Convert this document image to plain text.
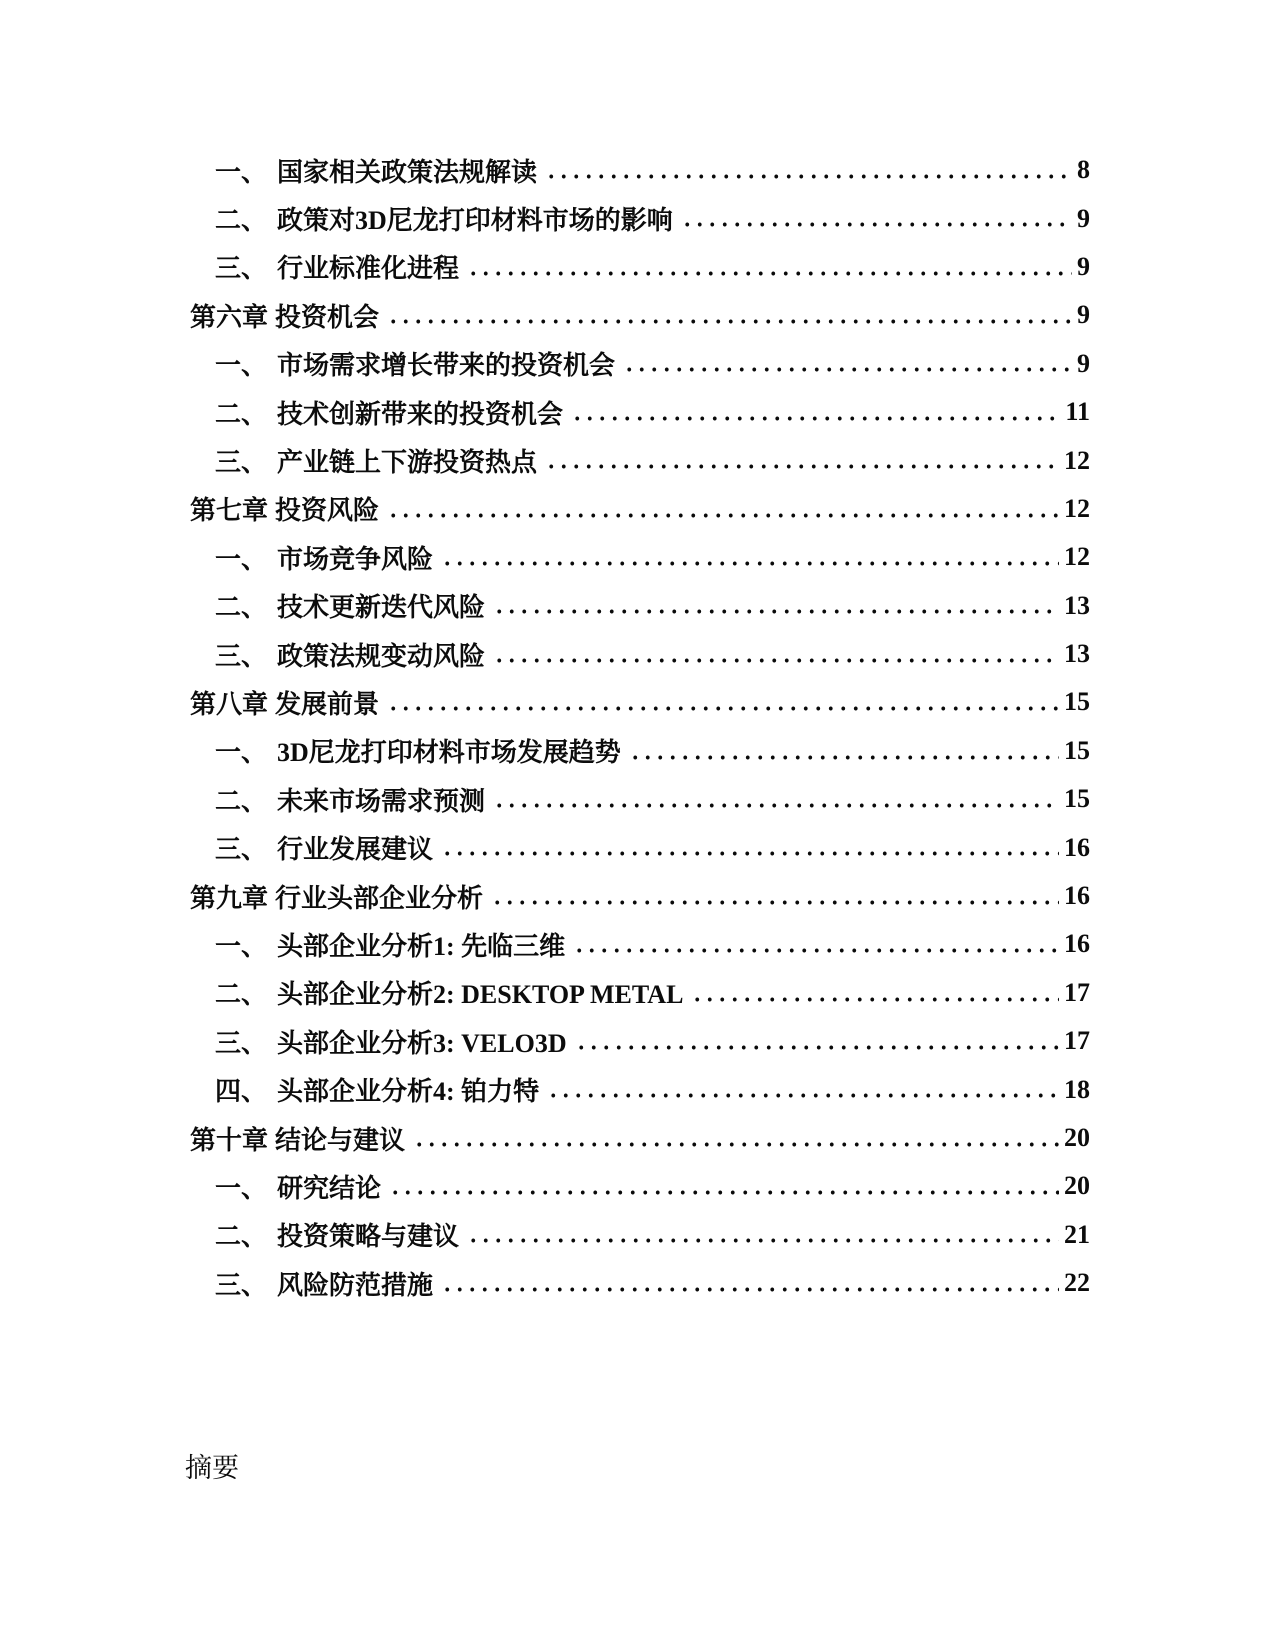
一、 国家相关政策法规解读	8
二、 政策对3D尼龙打印材料市场的影响	9
三、 行业标准化进程	9
第六章 投资机会	9
一、 市场需求增长带来的投资机会	9
二、 技术创新带来的投资机会	11
三、 产业链上下游投资热点	12
第七章 投资风险	12
一、 市场竞争风险	12
二、 技术更新迭代风险	13
三、 政策法规变动风险	13
第八章 发展前景	15
一、 3D尼龙打印材料市场发展趋势	15
二、 未来市场需求预测	15
三、 行业发展建议	16
第九章 行业头部企业分析	16
一、 头部企业分析1: 先临三维	16
二、 头部企业分析2: DESKTOP METAL	17
三、 头部企业分析3: VELO3D	17
四、 头部企业分析4: 铂力特	18
第十章 结论与建议	20
一、 研究结论	20
二、 投资策略与建议	21
三、 风险防范措施	22
摘要
